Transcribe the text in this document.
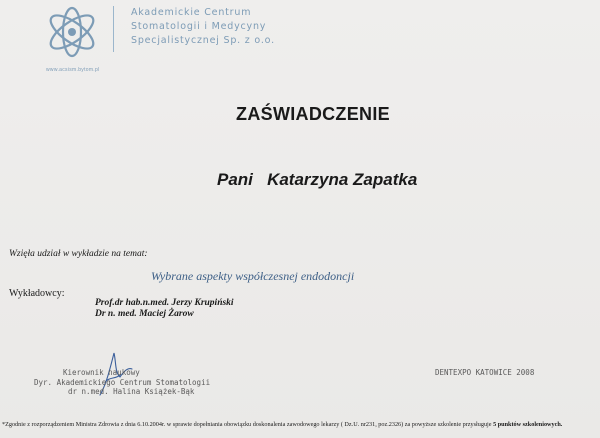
Akademickie Centrum
Stomatologii i Medycyny
Specjalistycznej Sp. z o.o.
www.acsism.bytom.pl
ZAŚWIADCZENIE
Pani   Katarzyna Zapatka
Wzięła udział w wykładzie na temat:
Wybrane aspekty współczesnej endodoncji
Wykładowcy:
Prof.dr hab.n.med. Jerzy Krupiński
Dr n. med. Maciej Żarow
Kierownik naukowy
Dyr. Akademickiego Centrum Stomatologii
dr n.med. Halina Książek-Bąk
DENTEXPO KATOWICE 2008
*Zgodnie z rozporządzeniem Ministra Zdrowia z dnia 6.10.2004r. w sprawie dopełniania obowiązku doskonalenia zawodowego lekarzy ( Dz.U. nr231, poz.2326) za powyższe szkolenie przysługuje 5 punktów szkoleniowych.
